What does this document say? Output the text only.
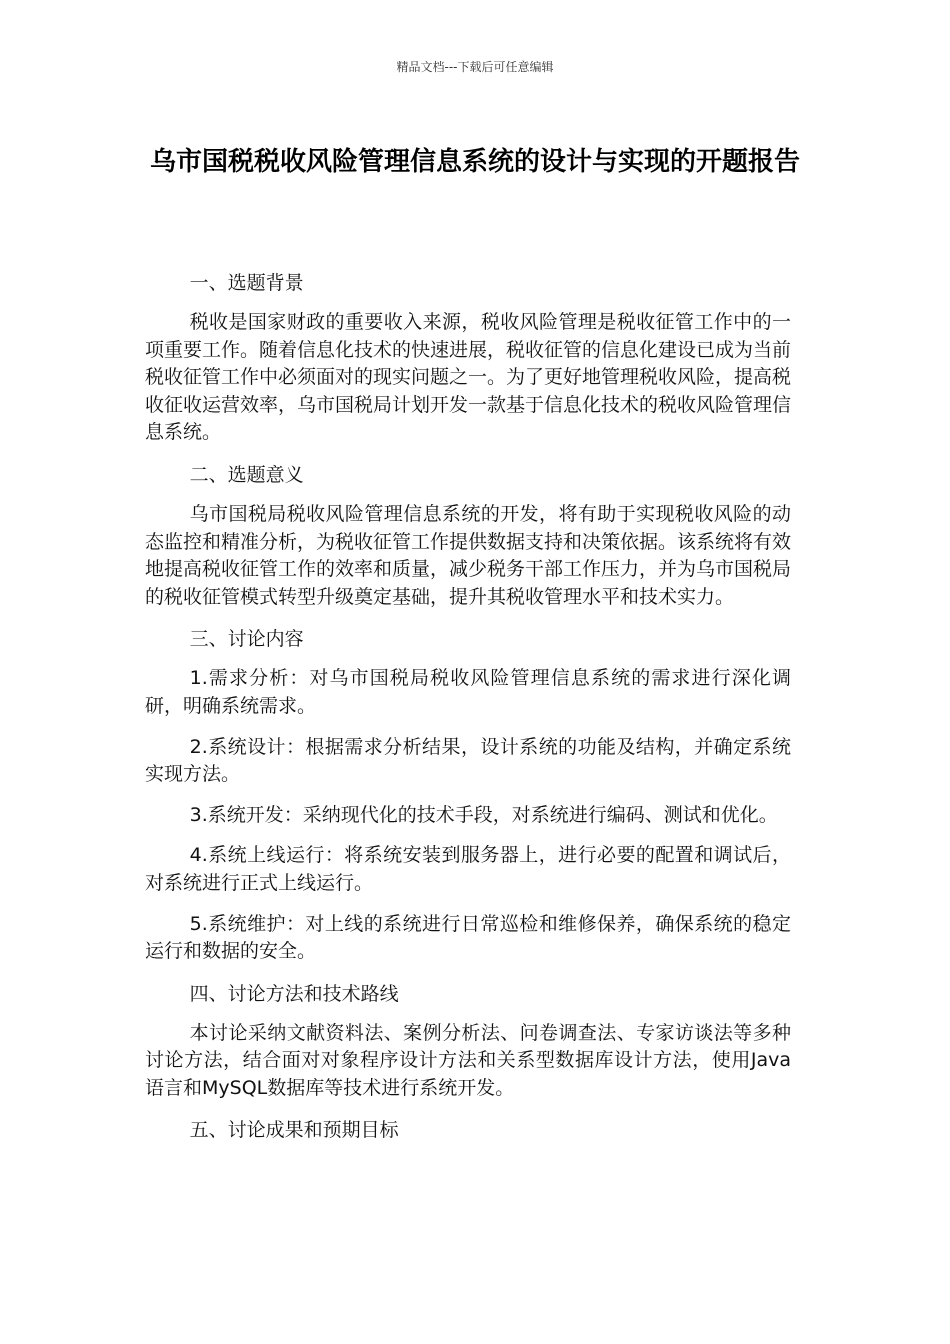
精品文档---下载后可任意编辑
乌市国税税收风险管理信息系统的设计与实现的开题报告
一、选题背景

税收是国家财政的重要收入来源，税收风险管理是税收征管工作中的一项重要工作。随着信息化技术的快速进展，税收征管的信息化建设已成为当前税收征管工作中必须面对的现实问题之一。为了更好地管理税收风险，提高税收征收运营效率，乌市国税局计划开发一款基于信息化技术的税收风险管理信息系统。

二、选题意义

乌市国税局税收风险管理信息系统的开发，将有助于实现税收风险的动态监控和精准分析，为税收征管工作提供数据支持和决策依据。该系统将有效地提高税收征管工作的效率和质量，减少税务干部工作压力，并为乌市国税局的税收征管模式转型升级奠定基础，提升其税收管理水平和技术实力。

三、讨论内容

1.需求分析：对乌市国税局税收风险管理信息系统的需求进行深化调研，明确系统需求。

2.系统设计：根据需求分析结果，设计系统的功能及结构，并确定系统实现方法。

3.系统开发：采纳现代化的技术手段，对系统进行编码、测试和优化。

4.系统上线运行：将系统安装到服务器上，进行必要的配置和调试后，对系统进行正式上线运行。

5.系统维护：对上线的系统进行日常巡检和维修保养，确保系统的稳定运行和数据的安全。

四、讨论方法和技术路线

本讨论采纳文献资料法、案例分析法、问卷调查法、专家访谈法等多种讨论方法，结合面对对象程序设计方法和关系型数据库设计方法，使用Java语言和MySQL数据库等技术进行系统开发。

五、讨论成果和预期目标
